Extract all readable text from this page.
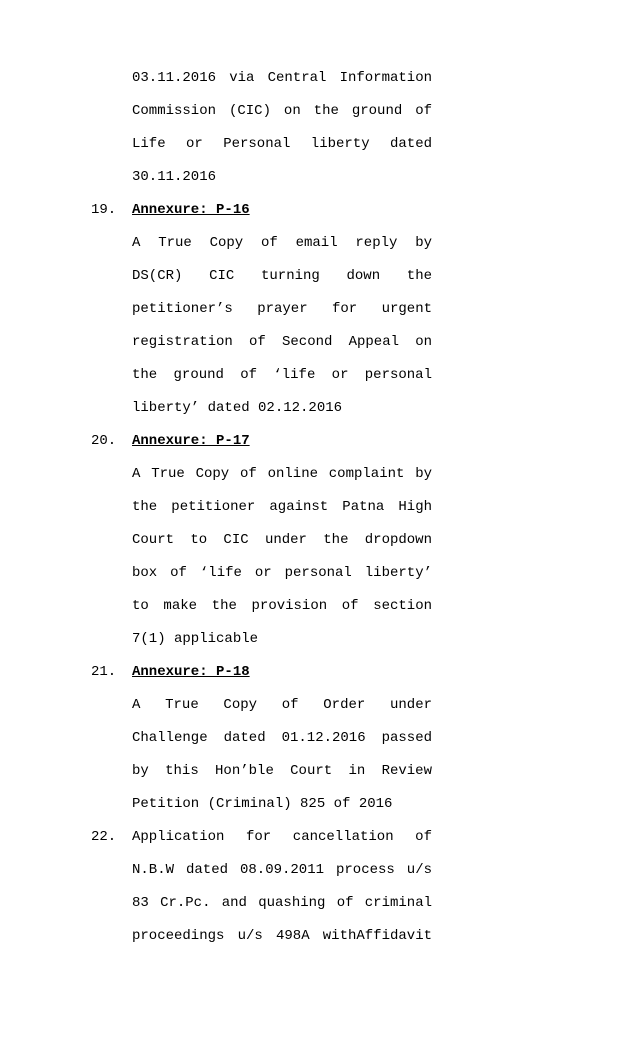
03.11.2016 via Central Information
Commission (CIC) on the ground of
Life or Personal liberty dated
30.11.2016
19. Annexure: P-16
A True Copy of email reply by
DS(CR) CIC turning down the
petitioner’s prayer for urgent
registration of Second Appeal on
the ground of ‘life or personal
liberty’ dated 02.12.2016
20. Annexure: P-17
A True Copy of online complaint by
the petitioner against Patna High
Court to CIC under the dropdown
box of ‘life or personal liberty’
to make the provision of section
7(1) applicable
21. Annexure: P-18
A True Copy of Order under
Challenge dated 01.12.2016 passed
by this Hon’ble Court in Review
Petition (Criminal) 825 of 2016
22. Application for cancellation of
N.B.W dated 08.09.2011 process u/s
83 Cr.Pc. and quashing of criminal
proceedings u/s 498A withAffidavit
